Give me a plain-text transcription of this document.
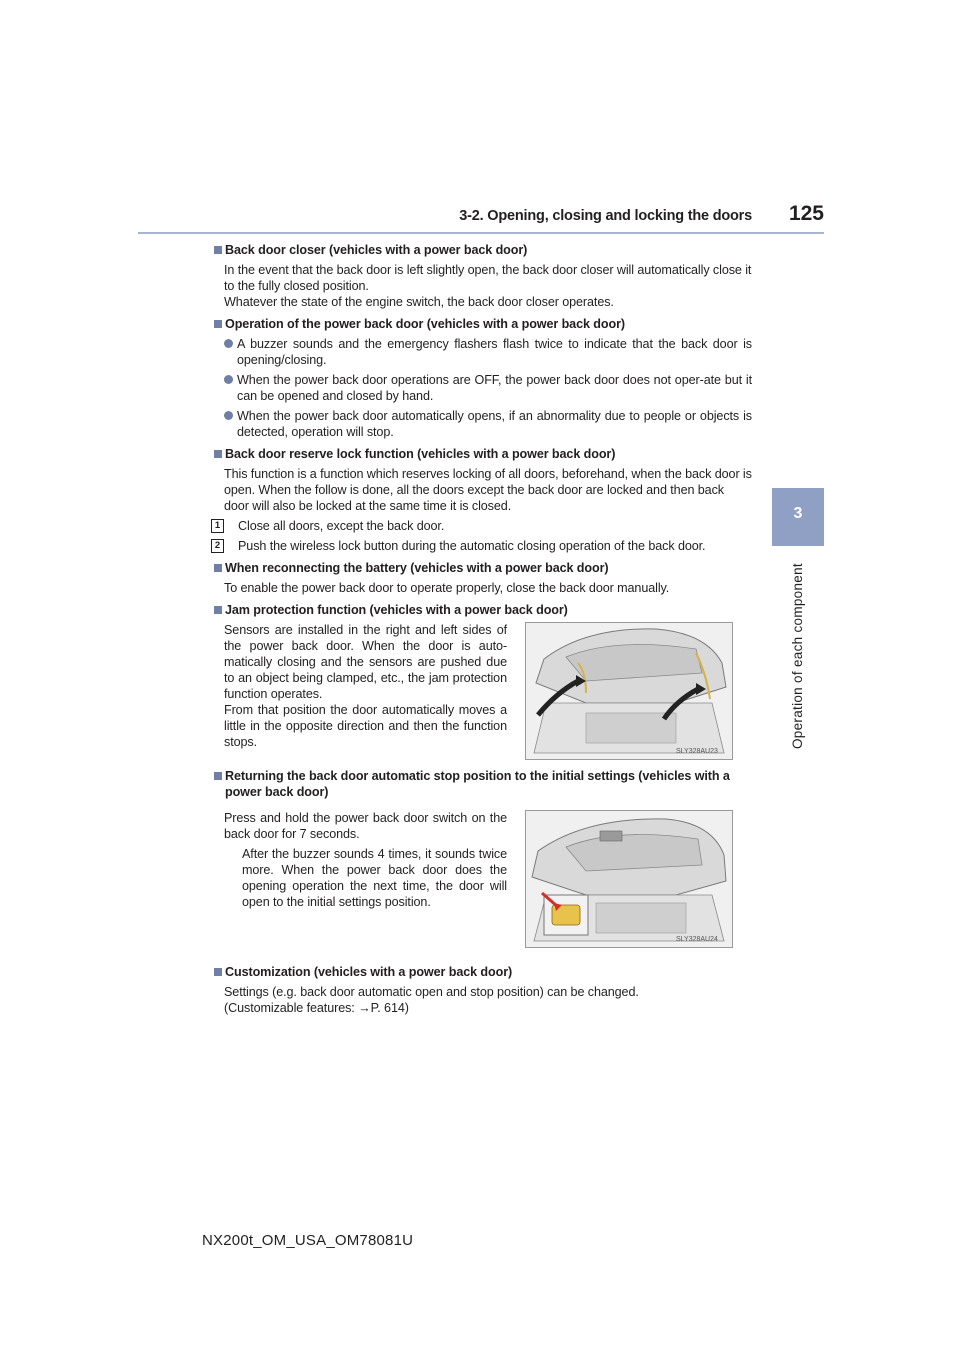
3-2. Opening, closing and locking the doors 125
3
Operation of each component
Back door closer (vehicles with a power back door)
In the event that the back door is left slightly open, the back door closer will automatically close it to the fully closed position.
Whatever the state of the engine switch, the back door closer operates.
Operation of the power back door (vehicles with a power back door)
A buzzer sounds and the emergency flashers flash twice to indicate that the back door is opening/closing.
When the power back door operations are OFF, the power back door does not oper-ate but it can be opened and closed by hand.
When the power back door automatically opens, if an abnormality due to people or objects is detected, operation will stop.
Back door reserve lock function (vehicles with a power back door)
This function is a function which reserves locking of all doors, beforehand, when the back door is open. When the follow is done, all the doors except the back door are locked and then back door will also be locked at the same time it is closed.
1	Close all doors, except the back door.
2	Push the wireless lock button during the automatic closing operation of the back door.
When reconnecting the battery (vehicles with a power back door)
To enable the power back door to operate properly, close the back door manually.
Jam protection function (vehicles with a power back door)
Sensors are installed in the right and left sides of the power back door. When the door is auto-matically closing and the sensors are pushed due to an object being clamped, etc., the jam protection function operates.
From that position the door automatically moves a little in the opposite direction and then the function stops.
SLY328AU23
Returning the back door automatic stop position to the initial settings (vehicles with a power back door)
Press and hold the power back door switch on the back door for 7 seconds.
After the buzzer sounds 4 times, it sounds twice more. When the power back door does the opening operation the next time, the door will open to the initial settings position.
SLY328AU24
Customization (vehicles with a power back door)
Settings (e.g. back door automatic open and stop position) can be changed.
(Customizable features: →P. 614)
NX200t_OM_USA_OM78081U
